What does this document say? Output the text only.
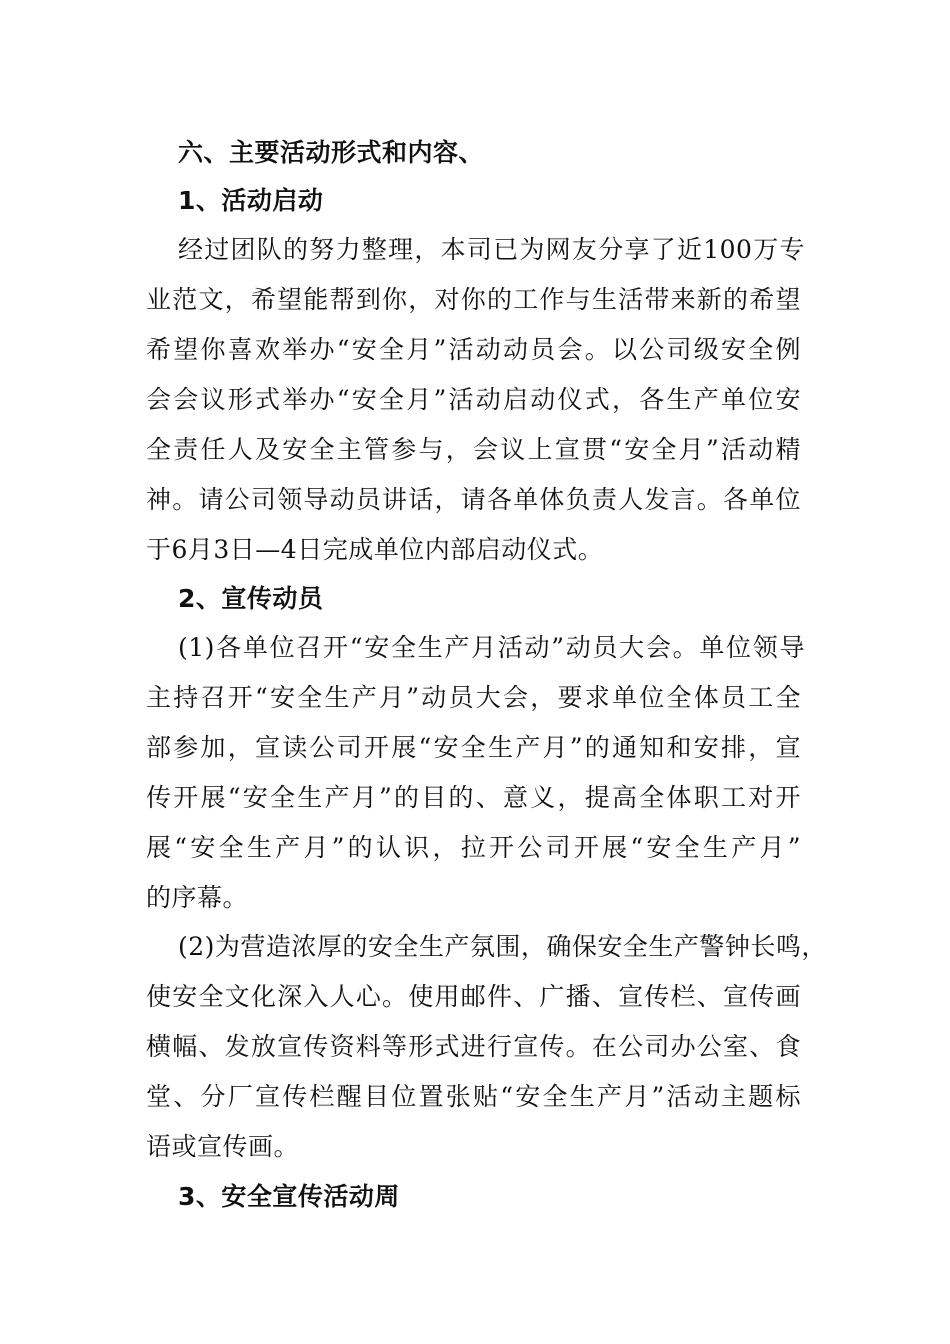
六、主要活动形式和内容、
1、活动启动
经过团队的努力整理，本司已为网友分享了近100万专
业范文，希望能帮到你，对你的工作与生活带来新的希望
希望你喜欢举办“安全月”活动动员会。以公司级安全例
会会议形式举办“安全月”活动启动仪式，各生产单位安
全责任人及安全主管参与，会议上宣贯“安全月”活动精
神。请公司领导动员讲话，请各单体负责人发言。各单位
于6月3日—4日完成单位内部启动仪式。
2、宣传动员
(1)各单位召开“安全生产月活动”动员大会。单位领导
主持召开“安全生产月”动员大会，要求单位全体员工全
部参加，宣读公司开展“安全生产月”的通知和安排，宣
传开展“安全生产月”的目的、意义，提高全体职工对开
展“安全生产月”的认识，拉开公司开展“安全生产月”
的序幕。
(2)为营造浓厚的安全生产氛围，确保安全生产警钟长鸣，
使安全文化深入人心。使用邮件、广播、宣传栏、宣传画
横幅、发放宣传资料等形式进行宣传。在公司办公室、食
堂、分厂宣传栏醒目位置张贴“安全生产月”活动主题标
语或宣传画。
3、安全宣传活动周
